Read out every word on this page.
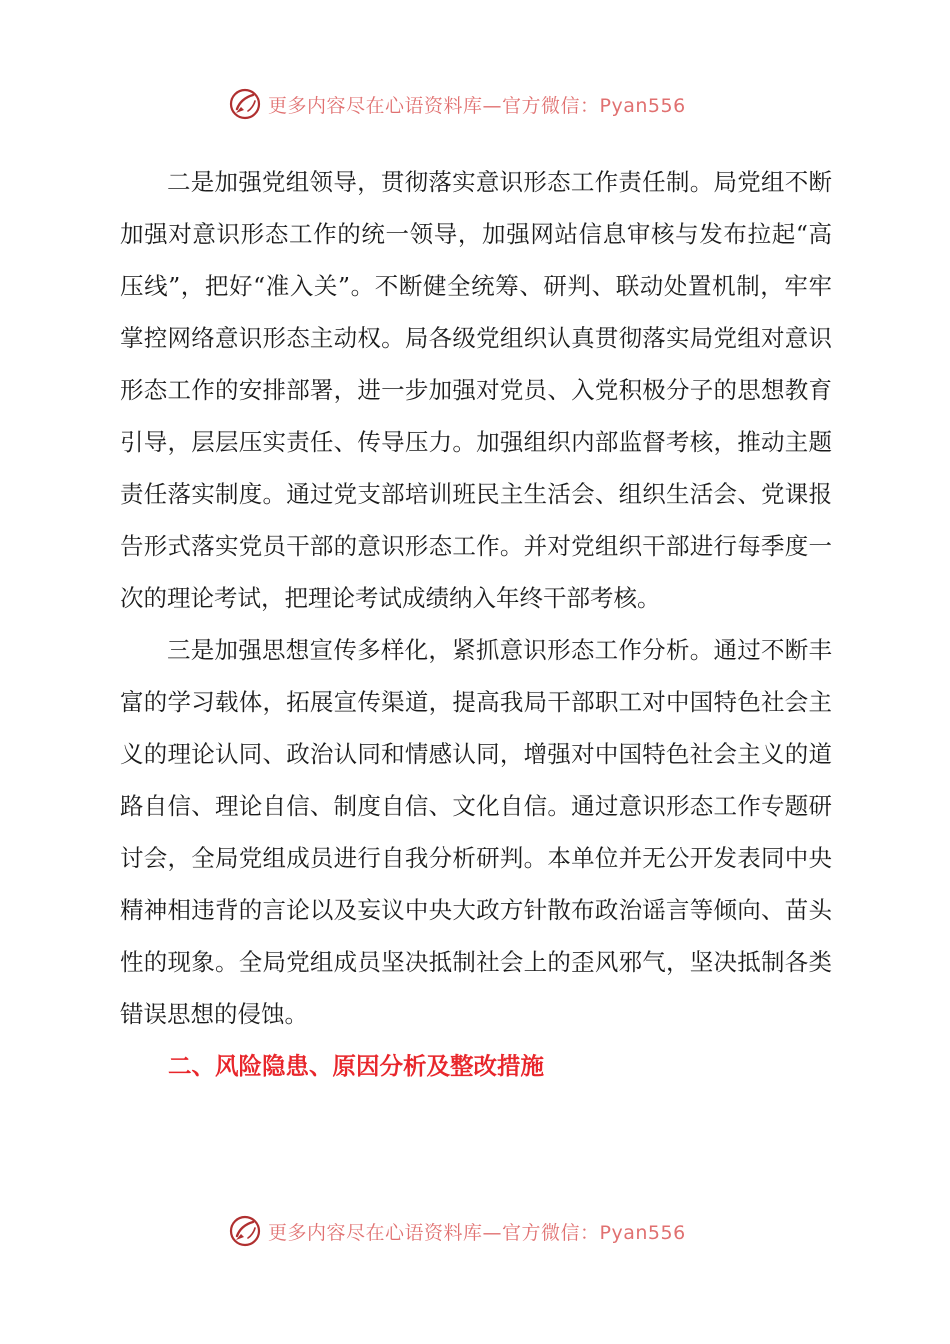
更多内容尽在心语资料库—官方微信：Pyan556

二是加强党组领导，贯彻落实意识形态工作责任制。局党组不断加强对意识形态工作的统一领导，加强网站信息审核与发布拉起“高压线”，把好“准入关”。不断健全统筹、研判、联动处置机制，牢牢掌控网络意识形态主动权。局各级党组织认真贯彻落实局党组对意识形态工作的安排部署，进一步加强对党员、入党积极分子的思想教育引导，层层压实责任、传导压力。加强组织内部监督考核，推动主题责任落实制度。通过党支部培训班民主生活会、组织生活会、党课报告形式落实党员干部的意识形态工作。并对党组织干部进行每季度一次的理论考试，把理论考试成绩纳入年终干部考核。

三是加强思想宣传多样化，紧抓意识形态工作分析。通过不断丰富的学习载体，拓展宣传渠道，提高我局干部职工对中国特色社会主义的理论认同、政治认同和情感认同，增强对中国特色社会主义的道路自信、理论自信、制度自信、文化自信。通过意识形态工作专题研讨会，全局党组成员进行自我分析研判。本单位并无公开发表同中央精神相违背的言论以及妄议中央大政方针散布政治谣言等倾向、苗头性的现象。全局党组成员坚决抵制社会上的歪风邪气，坚决抵制各类错误思想的侵蚀。

二、风险隐患、原因分析及整改措施

更多内容尽在心语资料库—官方微信：Pyan556
